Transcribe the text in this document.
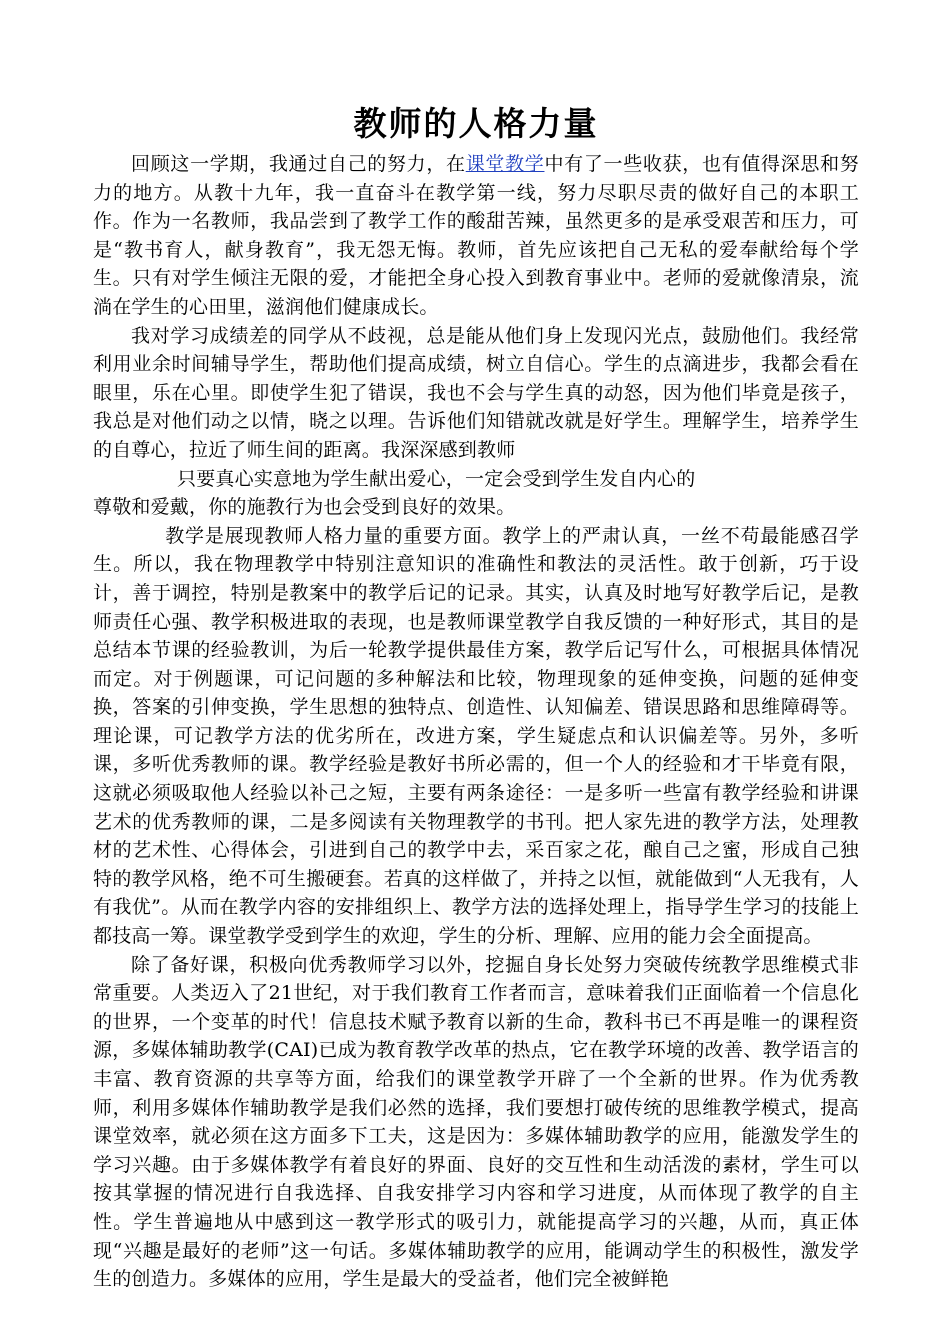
教师的人格力量

回顾这一学期，我通过自己的努力，在课堂教学中有了一些收获，也有值得深思和努力的地方。从教十九年，我一直奋斗在教学第一线，努力尽职尽责的做好自己的本职工作。作为一名教师，我品尝到了教学工作的酸甜苦辣，虽然更多的是承受艰苦和压力，可是“教书育人，献身教育”，我无怨无悔。教师，首先应该把自己无私的爱奉献给每个学生。只有对学生倾注无限的爱，才能把全身心投入到教育事业中。老师的爱就像清泉，流淌在学生的心田里，滋润他们健康成长。

我对学习成绩差的同学从不歧视，总是能从他们身上发现闪光点，鼓励他们。我经常利用业余时间辅导学生，帮助他们提高成绩，树立自信心。学生的点滴进步，我都会看在眼里，乐在心里。即使学生犯了错误，我也不会与学生真的动怒，因为他们毕竟是孩子，我总是对他们动之以情，晓之以理。告诉他们知错就改就是好学生。理解学生，培养学生的自尊心，拉近了师生间的距离。我深深感到教师

只要真心实意地为学生献出爱心，一定会受到学生发自内心的

尊敬和爱戴，你的施教行为也会受到良好的效果。

教学是展现教师人格力量的重要方面。教学上的严肃认真，一丝不苟最能感召学生。所以，我在物理教学中特别注意知识的准确性和教法的灵活性。敢于创新，巧于设计，善于调控，特别是教案中的教学后记的记录。其实，认真及时地写好教学后记，是教师责任心强、教学积极进取的表现，也是教师课堂教学自我反馈的一种好形式，其目的是总结本节课的经验教训，为后一轮教学提供最佳方案，教学后记写什么，可根据具体情况而定。对于例题课，可记问题的多种解法和比较，物理现象的延伸变换，问题的延伸变换，答案的引伸变换，学生思想的独特点、创造性、认知偏差、错误思路和思维障碍等。理论课，可记教学方法的优劣所在，改进方案，学生疑虑点和认识偏差等。另外，多听课，多听优秀教师的课。教学经验是教好书所必需的，但一个人的经验和才干毕竟有限，这就必须吸取他人经验以补己之短，主要有两条途径：一是多听一些富有教学经验和讲课艺术的优秀教师的课，二是多阅读有关物理教学的书刊。把人家先进的教学方法，处理教材的艺术性、心得体会，引进到自己的教学中去，采百家之花，酿自己之蜜，形成自己独特的教学风格，绝不可生搬硬套。若真的这样做了，并持之以恒，就能做到“人无我有，人有我优”。从而在教学内容的安排组织上、教学方法的选择处理上，指导学生学习的技能上都技高一筹。课堂教学受到学生的欢迎，学生的分析、理解、应用的能力会全面提高。

除了备好课，积极向优秀教师学习以外，挖掘自身长处努力突破传统教学思维模式非常重要。人类迈入了21世纪，对于我们教育工作者而言，意味着我们正面临着一个信息化的世界，一个变革的时代！信息技术赋予教育以新的生命，教科书已不再是唯一的课程资源，多媒体辅助教学(CAI)已成为教育教学改革的热点，它在教学环境的改善、教学语言的丰富、教育资源的共享等方面，给我们的课堂教学开辟了一个全新的世界。作为优秀教师，利用多媒体作辅助教学是我们必然的选择，我们要想打破传统的思维教学模式，提高课堂效率，就必须在这方面多下工夫，这是因为：多媒体辅助教学的应用，能激发学生的学习兴趣。由于多媒体教学有着良好的界面、良好的交互性和生动活泼的素材，学生可以按其掌握的情况进行自我选择、自我安排学习内容和学习进度，从而体现了教学的自主性。学生普遍地从中感到这一教学形式的吸引力，就能提高学习的兴趣，从而，真正体现“兴趣是最好的老师”这一句话。多媒体辅助教学的应用，能调动学生的积极性，激发学生的创造力。多媒体的应用，学生是最大的受益者，他们完全被鲜艳
